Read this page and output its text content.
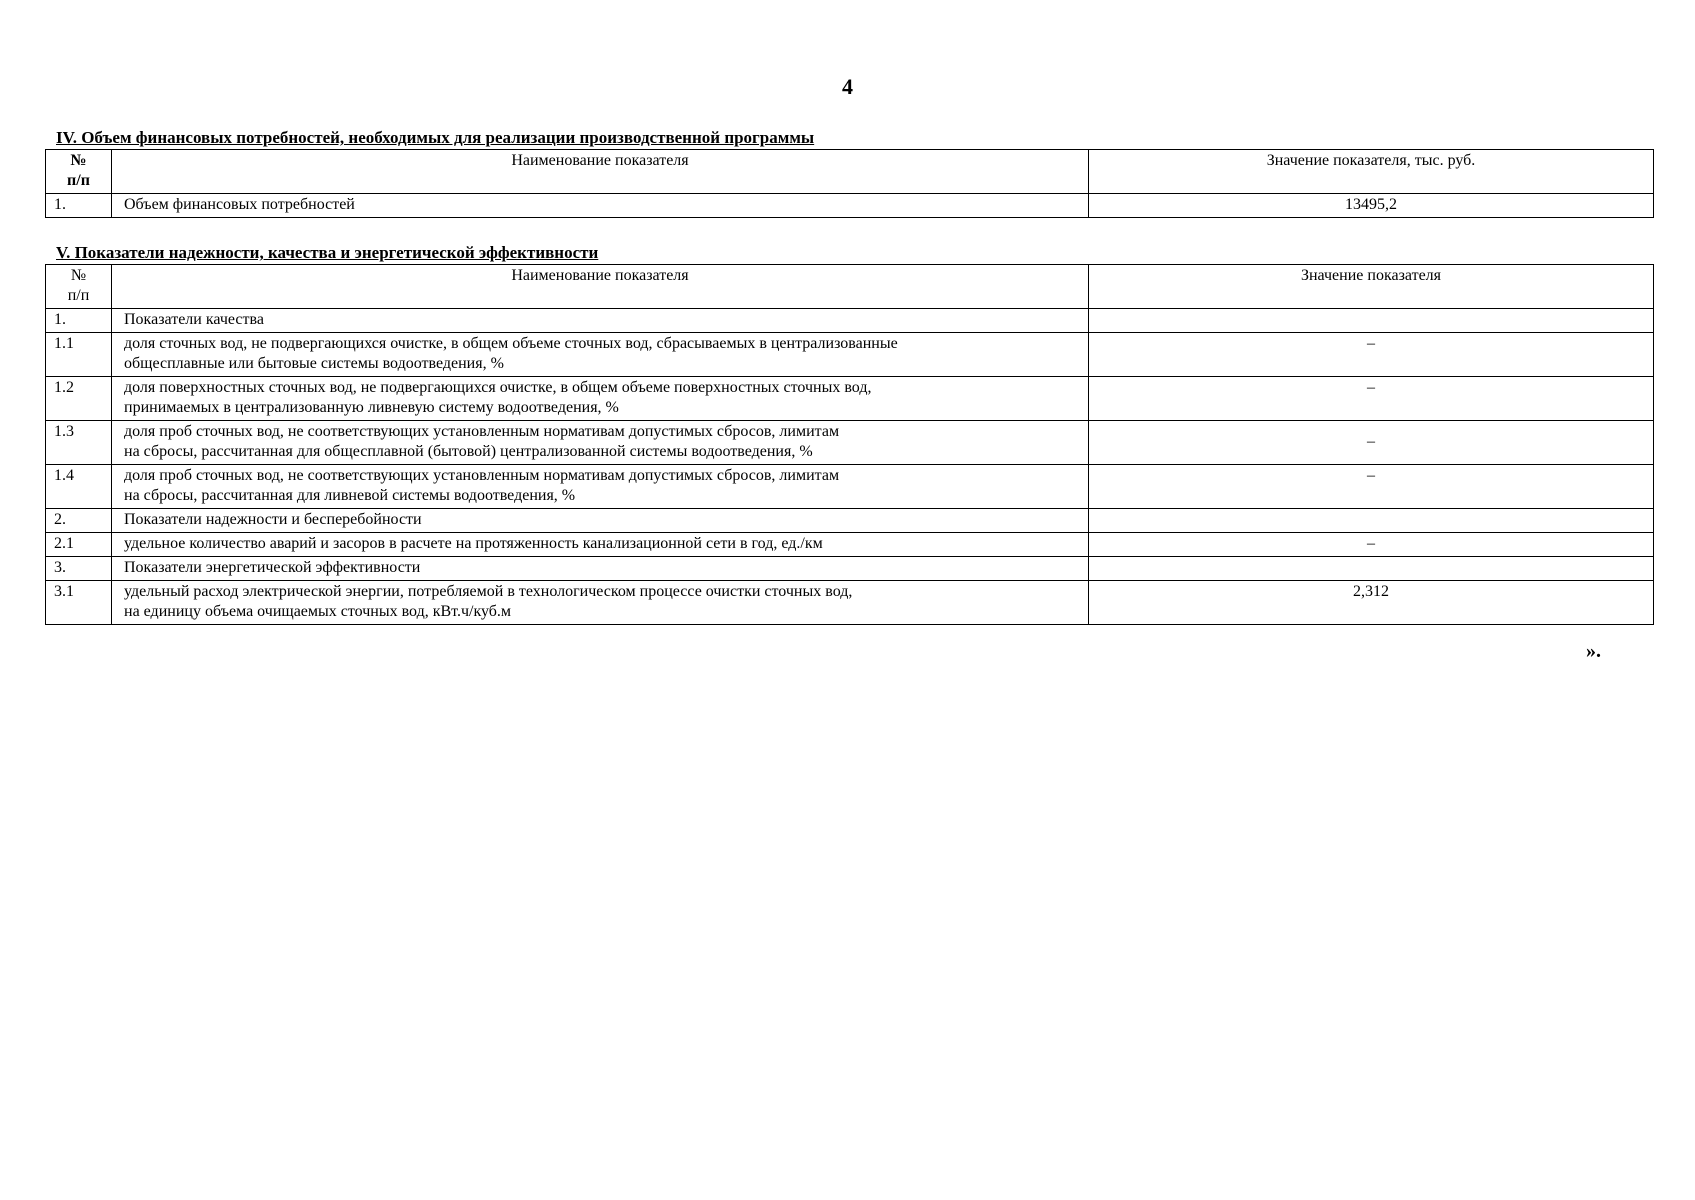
4
IV. Объем финансовых потребностей, необходимых для реализации производственной программы
№
п/п	Наименование показателя	Значение показателя, тыс. руб.
1.	Объем финансовых потребностей	13495,2
V. Показатели надежности, качества и энергетической эффективности
№
п/п	Наименование показателя	Значение показателя
1.	Показатели качества	
1.1	доля сточных вод, не подвергающихся очистке, в общем объеме сточных вод, сбрасываемых в централизованные
общесплавные или бытовые системы водоотведения, %	–
1.2	доля поверхностных сточных вод, не подвергающихся очистке, в общем объеме поверхностных сточных вод,
принимаемых в централизованную ливневую систему водоотведения, %	–
1.3	доля проб сточных вод, не соответствующих установленным нормативам допустимых сбросов, лимитам
на сбросы, рассчитанная для общесплавной (бытовой) централизованной системы водоотведения, %	–
1.4	доля проб сточных вод, не соответствующих установленным нормативам допустимых сбросов, лимитам
на сбросы, рассчитанная для ливневой системы водоотведения, %	–
2.	Показатели надежности и бесперебойности	
2.1	удельное количество аварий и засоров в расчете на протяженность канализационной сети в год, ед./км	–
3.	Показатели энергетической эффективности	
3.1	удельный расход электрической энергии, потребляемой в технологическом процессе очистки сточных вод,
на единицу объема очищаемых сточных вод, кВт.ч/куб.м	2,312
».
